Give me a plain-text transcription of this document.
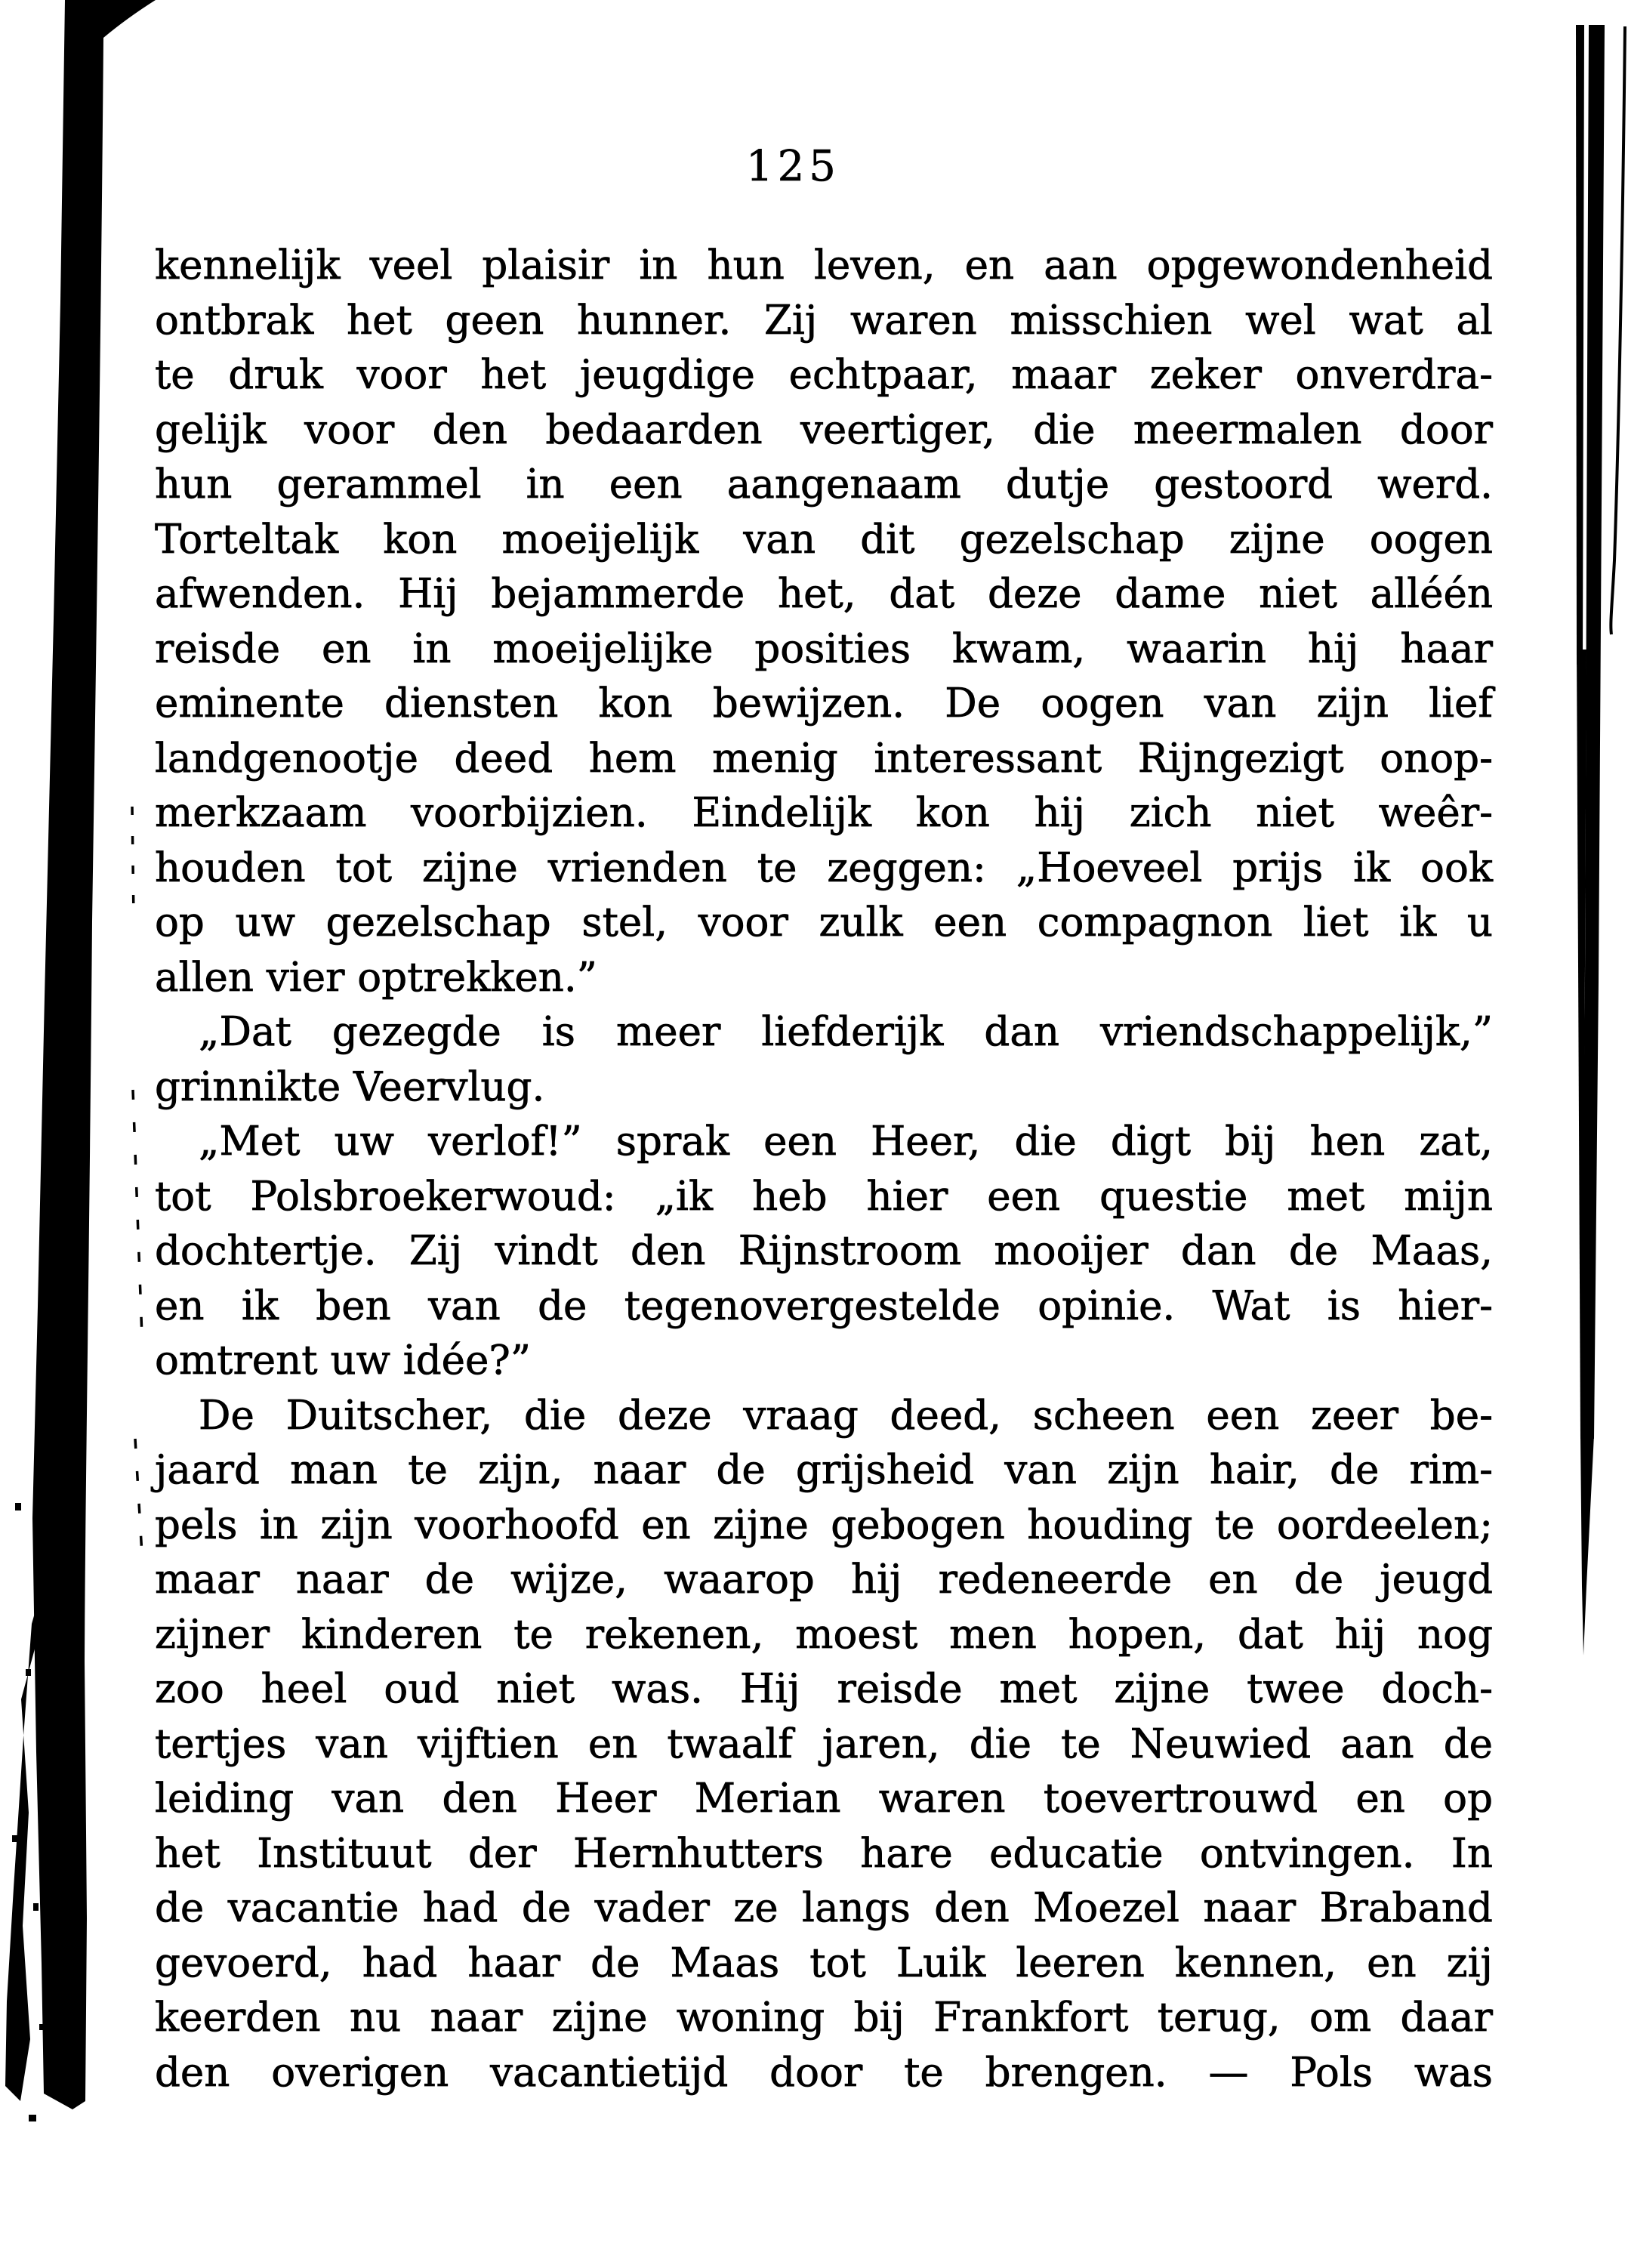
125
kennelijk veel plaisir in hun leven, en aan opgewondenheid
ontbrak het geen hunner. Zij waren misschien wel wat al
te druk voor het jeugdige echtpaar, maar zeker onverdra-
gelijk voor den bedaarden veertiger, die meermalen door
hun gerammel in een aangenaam dutje gestoord werd.
Torteltak kon moeijelijk van dit gezelschap zijne oogen
afwenden. Hij bejammerde het, dat deze dame niet alléén
reisde en in moeijelijke posities kwam, waarin hij haar
eminente diensten kon bewijzen. De oogen van zijn lief
landgenootje deed hem menig interessant Rijngezigt onop-
merkzaam voorbijzien. Eindelijk kon hij zich niet weêr-
houden tot zijne vrienden te zeggen: „Hoeveel prijs ik ook
op uw gezelschap stel, voor zulk een compagnon liet ik u
allen vier optrekken.”
„Dat gezegde is meer liefderijk dan vriendschappelijk,”
grinnikte Veervlug.
„Met uw verlof!” sprak een Heer, die digt bij hen zat,
tot Polsbroekerwoud: „ik heb hier een questie met mijn
dochtertje. Zij vindt den Rijnstroom mooijer dan de Maas,
en ik ben van de tegenovergestelde opinie. Wat is hier-
omtrent uw idée?”
De Duitscher, die deze vraag deed, scheen een zeer be-
jaard man te zijn, naar de grijsheid van zijn hair, de rim-
pels in zijn voorhoofd en zijne gebogen houding te oordeelen;
maar naar de wijze, waarop hij redeneerde en de jeugd
zijner kinderen te rekenen, moest men hopen, dat hij nog
zoo heel oud niet was. Hij reisde met zijne twee doch-
tertjes van vijftien en twaalf jaren, die te Neuwied aan de
leiding van den Heer Merian waren toevertrouwd en op
het Instituut der Hernhutters hare educatie ontvingen. In
de vacantie had de vader ze langs den Moezel naar Braband
gevoerd, had haar de Maas tot Luik leeren kennen, en zij
keerden nu naar zijne woning bij Frankfort terug, om daar
den overigen vacantietijd door te brengen. — Pols was
